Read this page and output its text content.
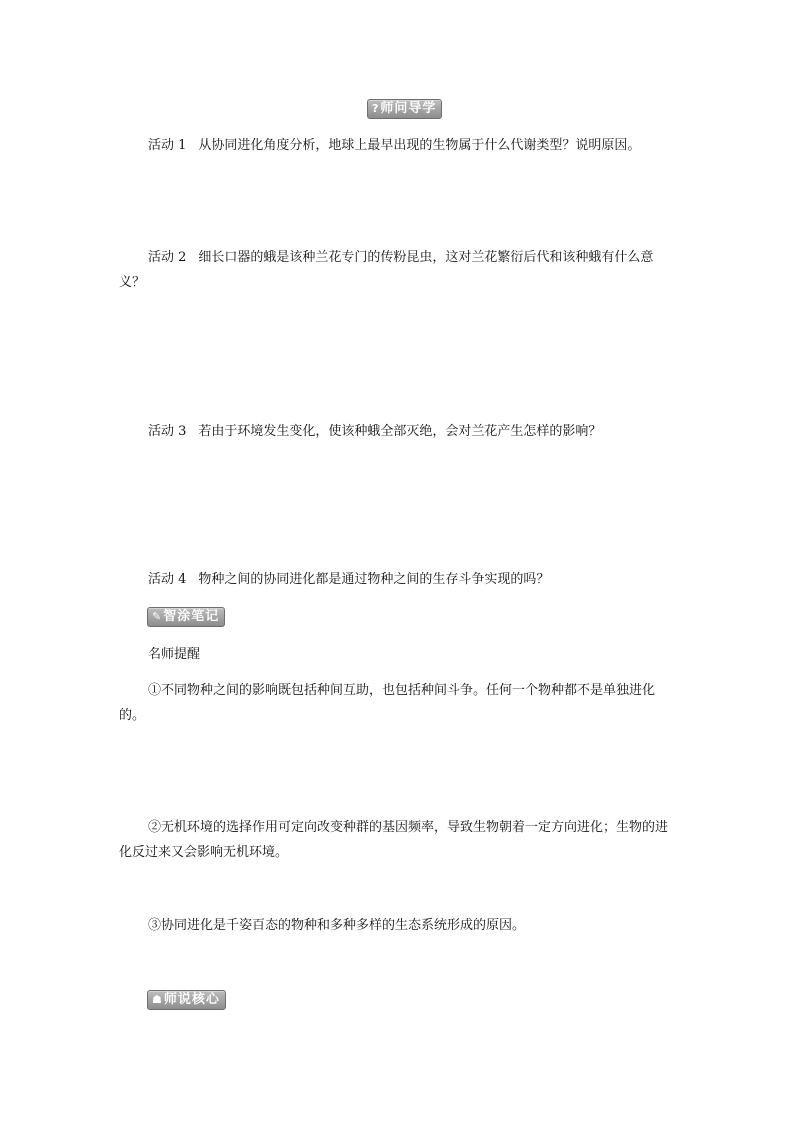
? 师问导学
活动 1 从协同进化角度分析，地球上最早出现的生物属于什么代谢类型？说明原因。
活动 2 细长口器的蛾是该种兰花专门的传粉昆虫，这对兰花繁衍后代和该种蛾有什么意义？
活动 3 若由于环境发生变化，使该种蛾全部灭绝，会对兰花产生怎样的影响？
活动 4 物种之间的协同进化都是通过物种之间的生存斗争实现的吗？
✎ 智涂笔记
名师提醒
①不同物种之间的影响既包括种间互助，也包括种间斗争。任何一个物种都不是单独进化的。
②无机环境的选择作用可定向改变种群的基因频率，导致生物朝着一定方向进化；生物的进化反过来又会影响无机环境。
③协同进化是千姿百态的物种和多种多样的生态系统形成的原因。
☗ 师说核心
